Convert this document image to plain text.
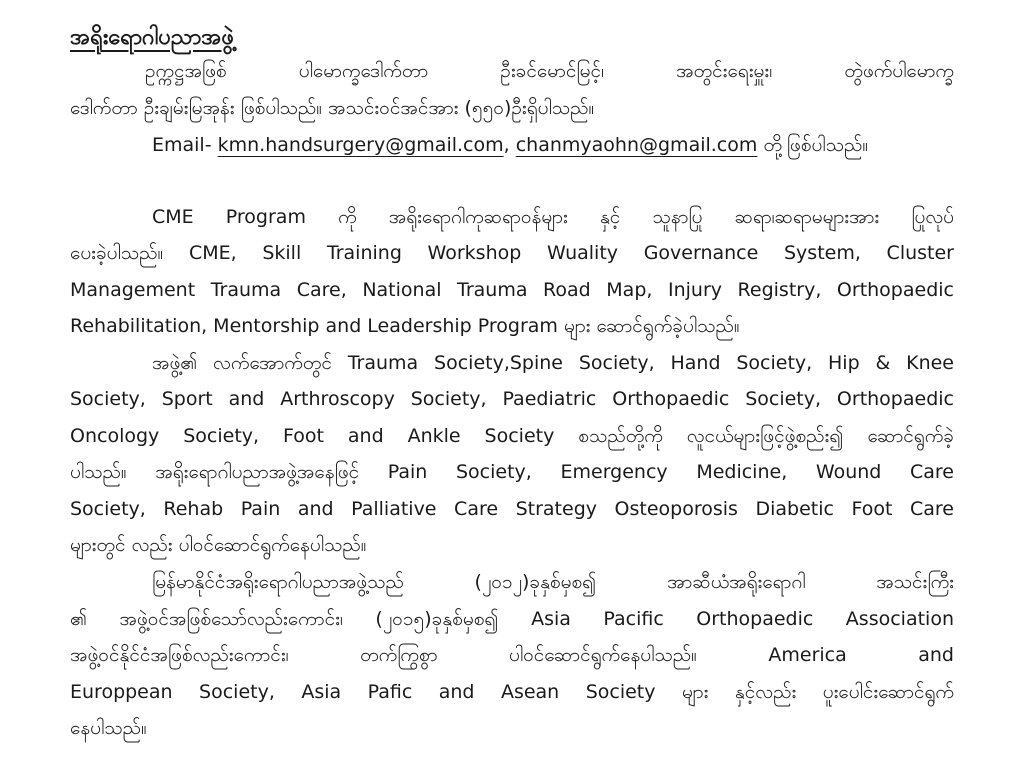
အရိုးရောဂါပညာအဖွဲ့
ဥက္ကဋ္ဌအဖြစ် ပါမောက္ခဒေါက်တာ ဦးခင်မောင်မြင့်၊ အတွင်းရေးမှူး၊ တွဲဖက်ပါမောက္ခ
ဒေါက်တာ ဦးချမ်းမြအုန်း ဖြစ်ပါသည်။ အသင်းဝင်အင်အား (၅၅၀)ဦးရှိပါသည်။
Email- kmn.handsurgery@gmail.com, chanmyaohn@gmail.com တို့ဖြစ်ပါသည်။
CME Program ကို အရိုးရောဂါကုဆရာဝန်များ နှင့် သူနာပြု ဆရာ၊ဆရာမများအား ပြုလုပ်
ပေးခဲ့ပါသည်။ CME, Skill Training Workshop Wuality Governance System, Cluster
Management Trauma Care, National Trauma Road Map, Injury Registry, Orthopaedic
Rehabilitation, Mentorship and Leadership Program များ ဆောင်ရွက်ခဲ့ပါသည်။
အဖွဲ့၏ လက်အောက်တွင် Trauma Society,Spine Society, Hand Society, Hip & Knee
Society, Sport and Arthroscopy Society, Paediatric Orthopaedic Society, Orthopaedic
Oncology Society, Foot and Ankle Society စသည်တို့ကို လူငယ်များဖြင့်ဖွဲ့စည်း၍ ဆောင်ရွက်ခဲ့
ပါသည်။ အရိုးရောဂါပညာအဖွဲ့အနေဖြင့် Pain Society, Emergency Medicine, Wound Care
Society, Rehab Pain and Palliative Care Strategy Osteoporosis Diabetic Foot Care
များတွင် လည်း ပါဝင်ဆောင်ရွက်နေပါသည်။
မြန်မာနိုင်ငံအရိုးရောဂါပညာအဖွဲ့သည် (၂၀၁၂)ခုနှစ်မှစ၍ အာဆီယံအရိုးရောဂါ အသင်းကြီး
၏ အဖွဲ့ဝင်အဖြစ်သော်လည်းကောင်း၊ (၂၀၁၅)ခုနှစ်မှစ၍ Asia Pacific Orthopaedic Association
အဖွဲ့ဝင်နိုင်ငံအဖြစ်လည်းကောင်း၊ တက်ကြွစွာ ပါဝင်ဆောင်ရွက်နေပါသည်။ America and
Europpean Society, Asia Pafic and Asean Society များ နှင့်လည်း ပူးပေါင်းဆောင်ရွက်
နေပါသည်။
